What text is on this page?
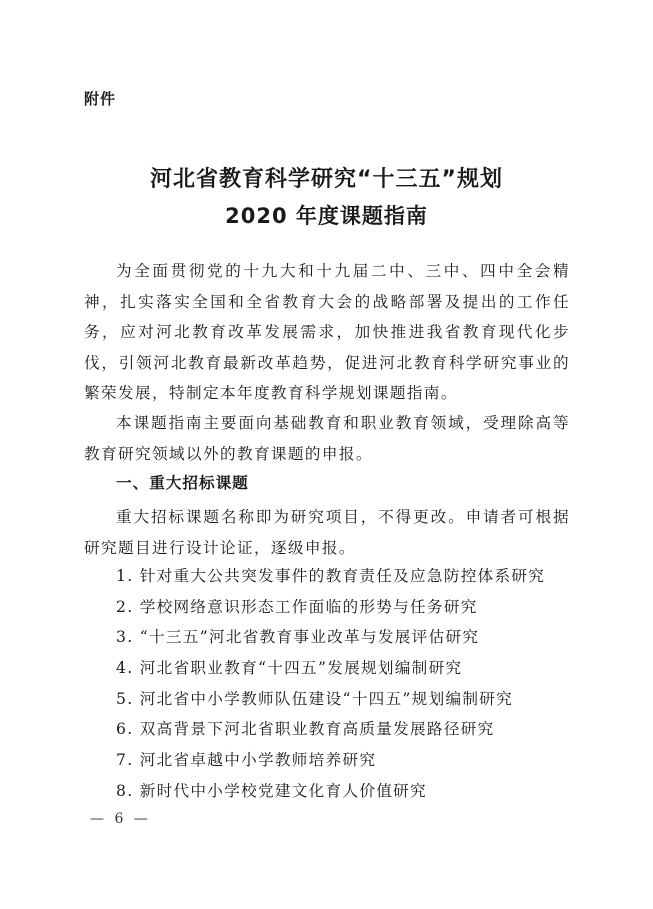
附件
河北省教育科学研究“十三五”规划
2020 年度课题指南

为全面贯彻党的十九大和十九届二中、三中、四中全会精神，扎实落实全国和全省教育大会的战略部署及提出的工作任务，应对河北教育改革发展需求，加快推进我省教育现代化步伐，引领河北教育最新改革趋势，促进河北教育科学研究事业的繁荣发展，特制定本年度教育科学规划课题指南。

本课题指南主要面向基础教育和职业教育领域，受理除高等教育研究领域以外的教育课题的申报。

一、重大招标课题

重大招标课题名称即为研究项目，不得更改。申请者可根据研究题目进行设计论证，逐级申报。

1. 针对重大公共突发事件的教育责任及应急防控体系研究
2. 学校网络意识形态工作面临的形势与任务研究
3. “十三五”河北省教育事业改革与发展评估研究
4. 河北省职业教育“十四五”发展规划编制研究
5. 河北省中小学教师队伍建设“十四五”规划编制研究
6. 双高背景下河北省职业教育高质量发展路径研究
7. 河北省卓越中小学教师培养研究
8. 新时代中小学校党建文化育人价值研究
— 6 —
